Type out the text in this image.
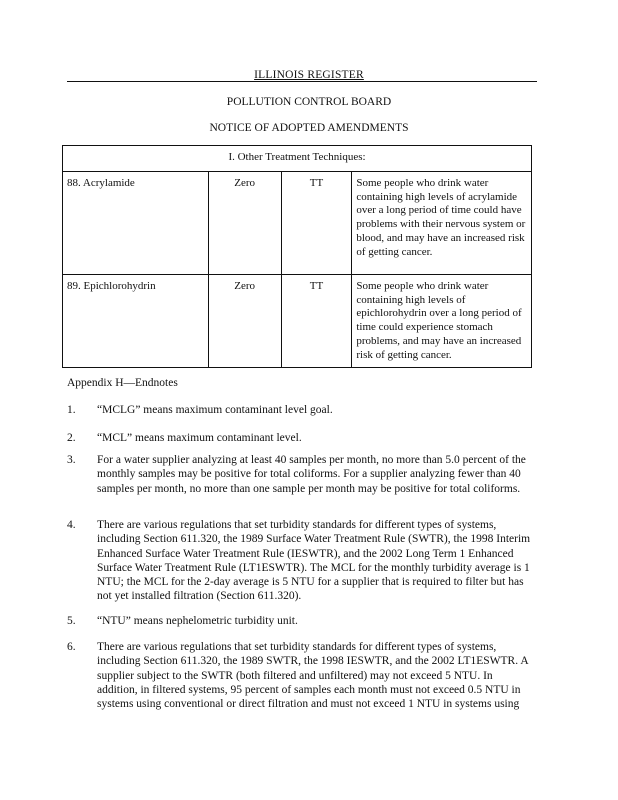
ILLINOIS REGISTER
POLLUTION CONTROL BOARD
NOTICE OF ADOPTED AMENDMENTS
I. Other Treatment Techniques:			
88. Acrylamide	Zero	TT	Some people who drink water containing high levels of acrylamide over a long period of time could have problems with their nervous system or blood, and may have an increased risk of getting cancer.
89. Epichlorohydrin	Zero	TT	Some people who drink water containing high levels of epichlorohydrin over a long period of time could experience stomach problems, and may have an increased risk of getting cancer.
Appendix H—Endnotes
1.	“MCLG” means maximum contaminant level goal.
2.	“MCL” means maximum contaminant level.
3.	For a water supplier analyzing at least 40 samples per month, no more than 5.0 percent of the monthly samples may be positive for total coliforms. For a supplier analyzing fewer than 40 samples per month, no more than one sample per month may be positive for total coliforms.
4.	There are various regulations that set turbidity standards for different types of systems, including Section 611.320, the 1989 Surface Water Treatment Rule (SWTR), the 1998 Interim Enhanced Surface Water Treatment Rule (IESWTR), and the 2002 Long Term 1 Enhanced Surface Water Treatment Rule (LT1ESWTR). The MCL for the monthly turbidity average is 1 NTU; the MCL for the 2-day average is 5 NTU for a supplier that is required to filter but has not yet installed filtration (Section 611.320).
5.	“NTU” means nephelometric turbidity unit.
6.	There are various regulations that set turbidity standards for different types of systems, including Section 611.320, the 1989 SWTR, the 1998 IESWTR, and the 2002 LT1ESWTR. A supplier subject to the SWTR (both filtered and unfiltered) may not exceed 5 NTU. In addition, in filtered systems, 95 percent of samples each month must not exceed 0.5 NTU in systems using conventional or direct filtration and must not exceed 1 NTU in systems using
